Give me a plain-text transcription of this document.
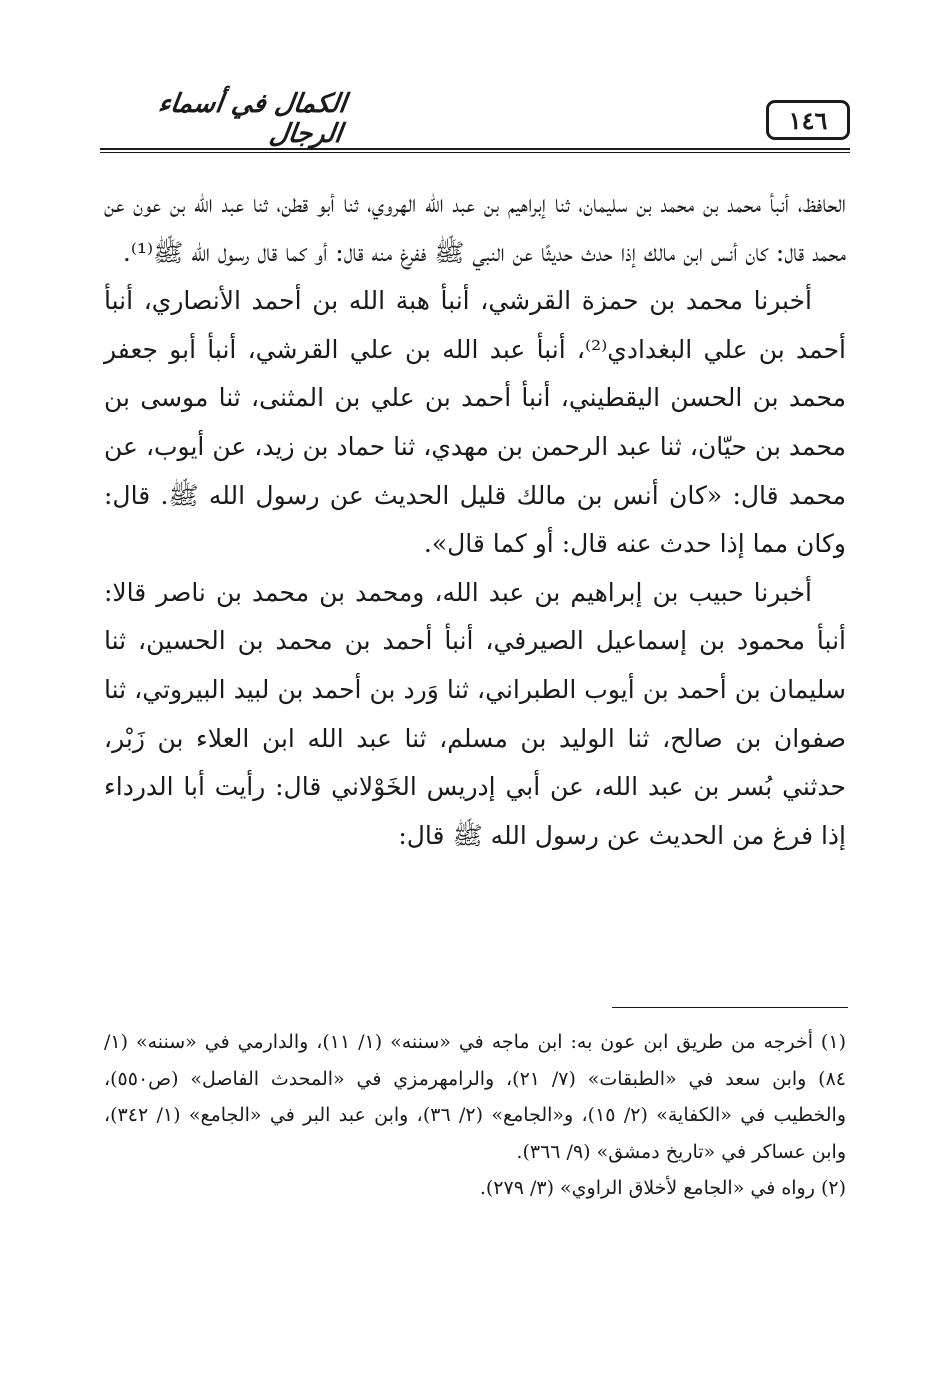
الكمال في أسماء الرجال	١٤٦

الحافظ، أنبأ محمد بن محمد بن سليمان، ثنا إبراهيم بن عبد الله الهروي، ثنا أبو قطن، ثنا عبد الله بن عون عن محمد قال: كان أنس ابن مالك إذا حدث حديثًا عن النبي ﷺ ففرغ منه قال: أو كما قال رسول الله ﷺ⁽¹⁾.

أخبرنا محمد بن حمزة القرشي، أنبأ هبة الله بن أحمد الأنصاري، أنبأ أحمد بن علي البغدادي⁽²⁾، أنبأ عبد الله بن علي القرشي، أنبأ أبو جعفر محمد بن الحسن اليقطيني، أنبأ أحمد بن علي بن المثنى، ثنا موسى بن محمد بن حيّان، ثنا عبد الرحمن بن مهدي، ثنا حماد بن زيد، عن أيوب، عن محمد قال: «كان أنس بن مالك قليل الحديث عن رسول الله ﷺ. قال: وكان مما إذا حدث عنه قال: أو كما قال».

أخبرنا حبيب بن إبراهيم بن عبد الله، ومحمد بن محمد بن ناصر قالا: أنبأ محمود بن إسماعيل الصيرفي، أنبأ أحمد بن محمد بن الحسين، ثنا سليمان بن أحمد بن أيوب الطبراني، ثنا وَرد بن أحمد بن لبيد البيروتي، ثنا صفوان بن صالح، ثنا الوليد بن مسلم، ثنا عبد الله ابن العلاء بن زَبْر، حدثني بُسر بن عبد الله، عن أبي إدريس الخَوْلاني قال: رأيت أبا الدرداء إذا فرغ من الحديث عن رسول الله ﷺ قال:

(١) أخرجه من طريق ابن عون به: ابن ماجه في «سننه» (١/ ١١)، والدارمي في «سننه» (١/ ٨٤) وابن سعد في «الطبقات» (٧/ ٢١)، والرامهرمزي في «المحدث الفاصل» (ص٥٥٠)، والخطيب في «الكفاية» (٢/ ١٥)، و«الجامع» (٢/ ٣٦)، وابن عبد البر في «الجامع» (١/ ٣٤٢)، وابن عساكر في «تاريخ دمشق» (٩/ ٣٦٦).

(٢) رواه في «الجامع لأخلاق الراوي» (٣/ ٢٧٩).
